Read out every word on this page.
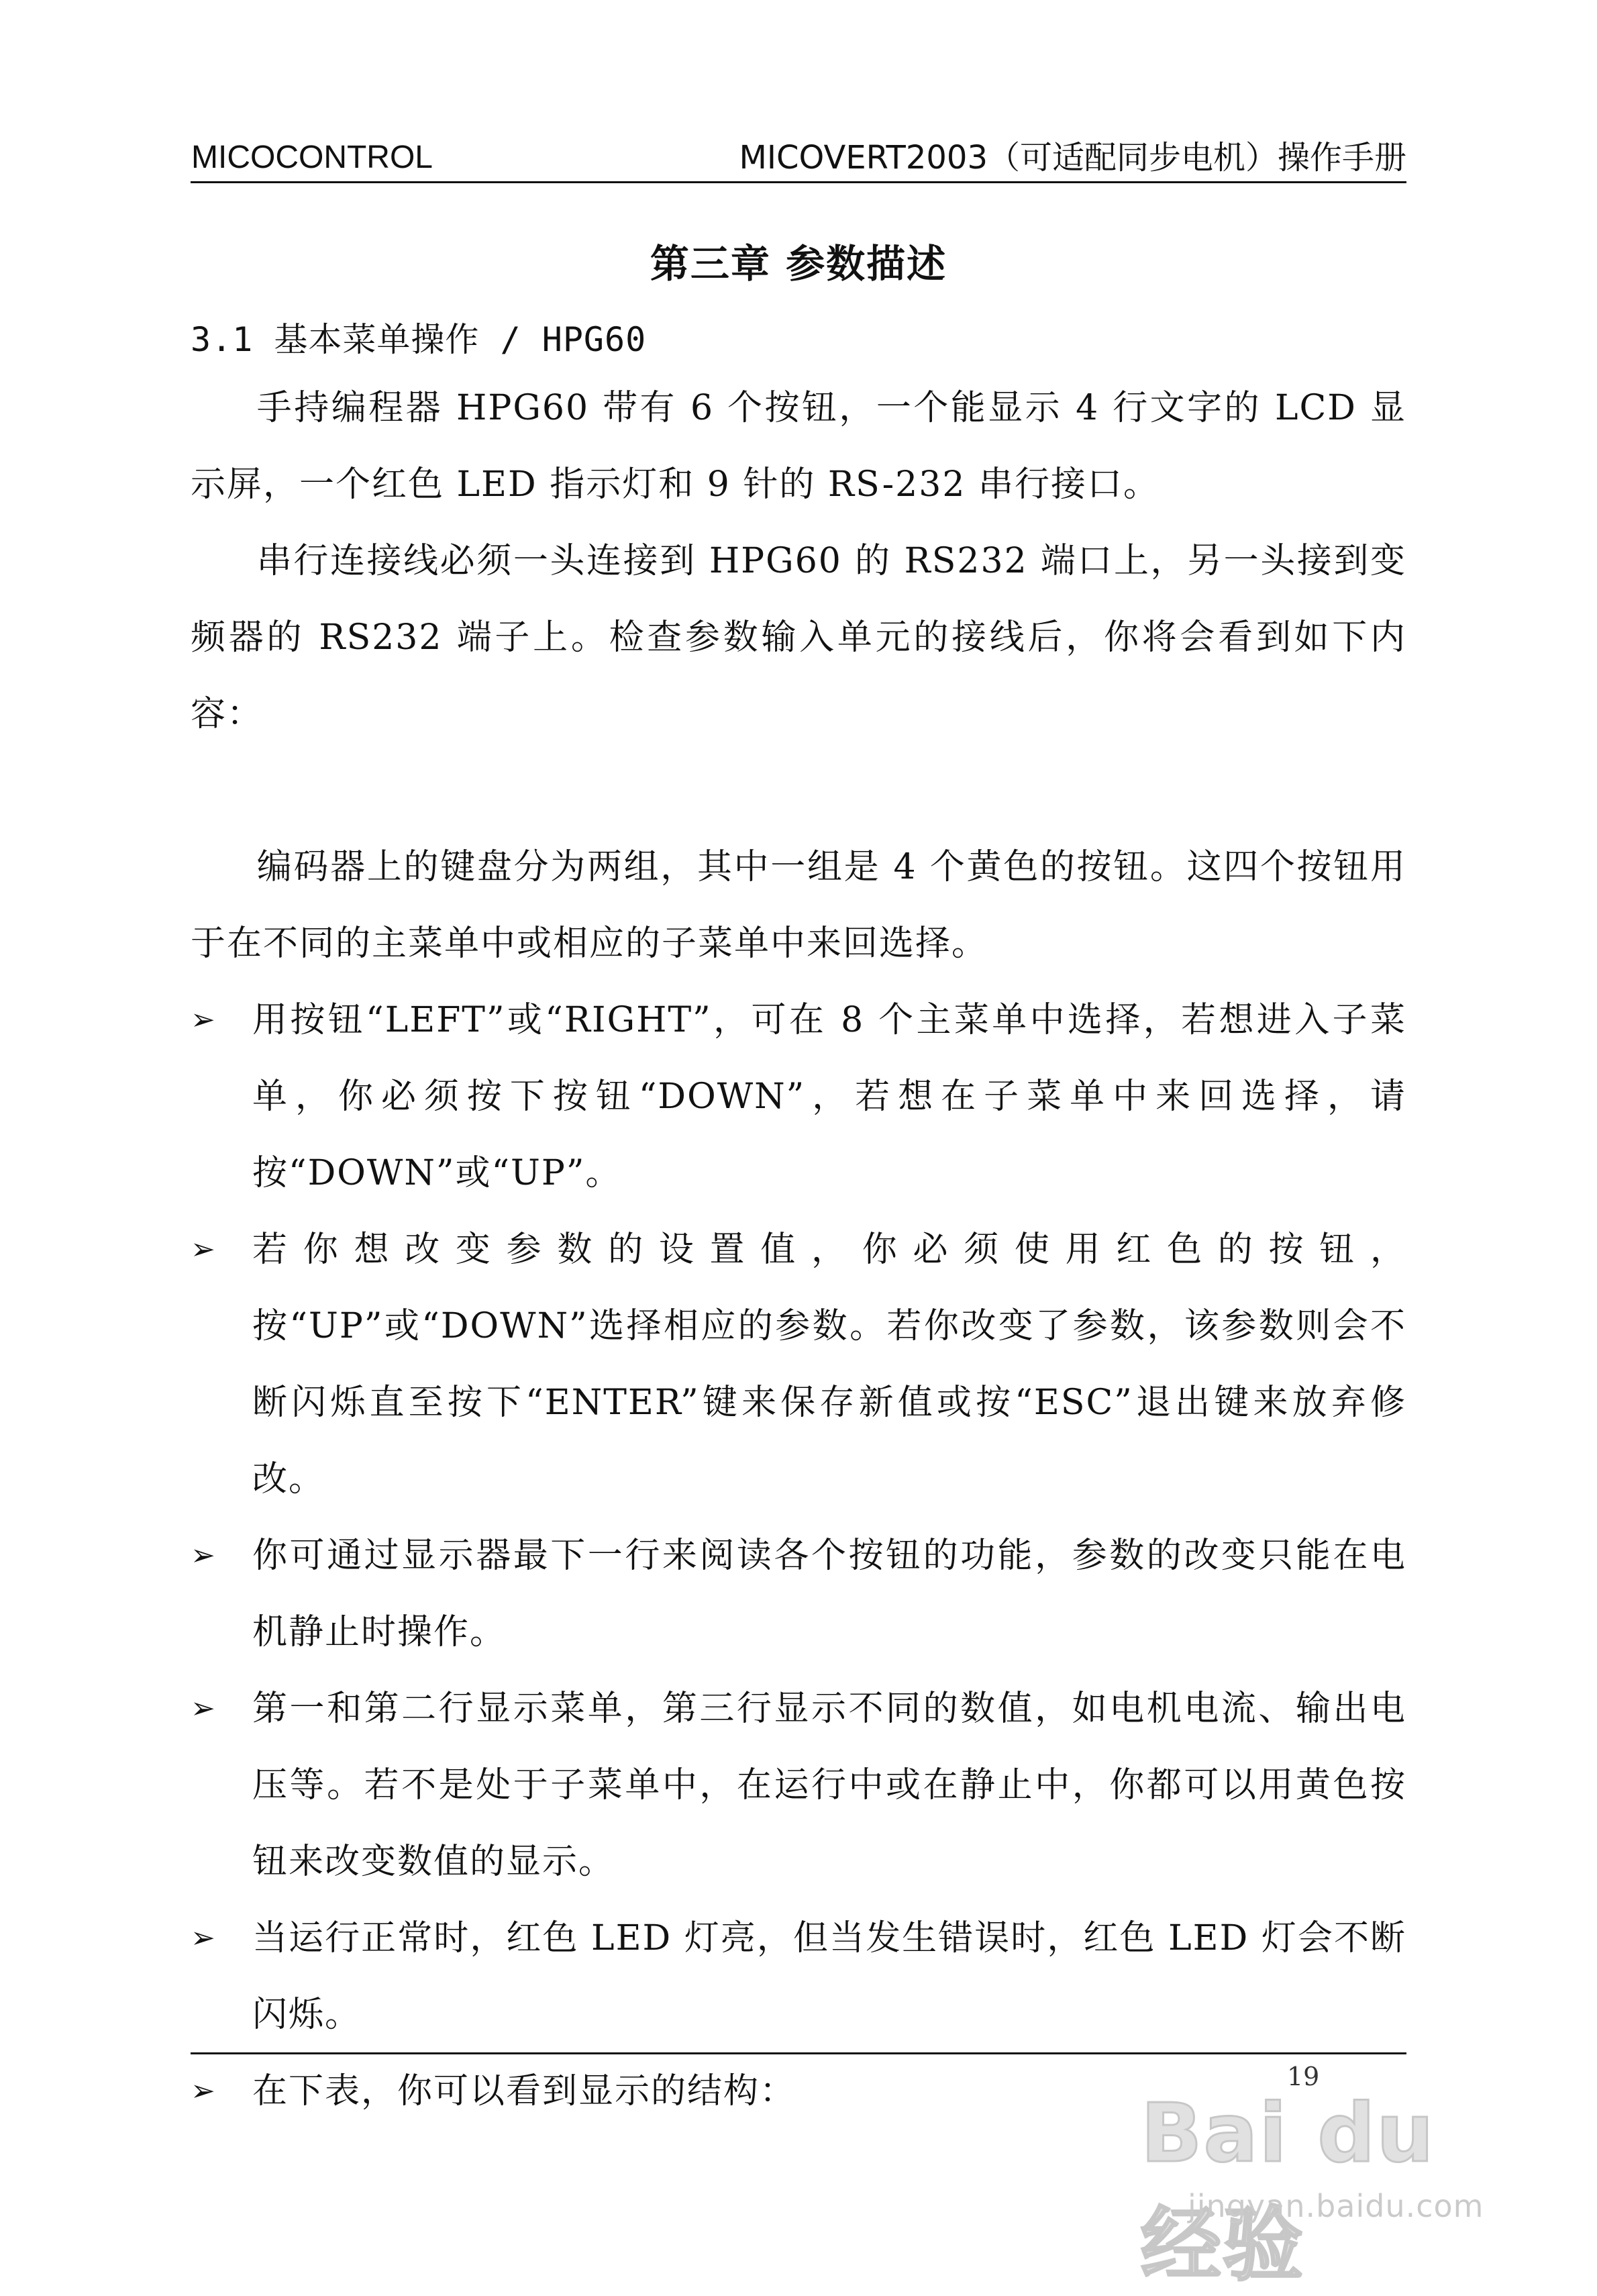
MICOCONTROL	MICOVERT2003（可适配同步电机）操作手册
第三章 参数描述
3.1 基本菜单操作 / HPG60

手持编程器 HPG60 带有 6 个按钮，一个能显示 4 行文字的 LCD 显示屏，一个红色 LED 指示灯和 9 针的 RS-232 串行接口。

串行连接线必须一头连接到 HPG60 的 RS232 端口上，另一头接到变频器的 RS232 端子上。检查参数输入单元的接线后，你将会看到如下内容：

编码器上的键盘分为两组，其中一组是 4 个黄色的按钮。这四个按钮用于在不同的主菜单中或相应的子菜单中来回选择。

➢ 用按钮“LEFT”或“RIGHT”，可在 8 个主菜单中选择，若想进入子菜单，你必须按下按钮“DOWN”，若想在子菜单中来回选择，请按“DOWN”或“UP”。
➢ 若你想改变参数的设置值，你必须使用红色的按钮，按“UP”或“DOWN”选择相应的参数。若你改变了参数，该参数则会不断闪烁直至按下“ENTER”键来保存新值或按“ESC”退出键来放弃修改。
➢ 你可通过显示器最下一行来阅读各个按钮的功能，参数的改变只能在电机静止时操作。
➢ 第一和第二行显示菜单，第三行显示不同的数值，如电机电流、输出电压等。若不是处于子菜单中，在运行中或在静止中，你都可以用黄色按钮来改变数值的显示。
➢ 当运行正常时，红色 LED 灯亮，但当发生错误时，红色 LED 灯会不断闪烁。
➢ 在下表，你可以看到显示的结构：	19
Bai du 经验
jingyan.baidu.com
